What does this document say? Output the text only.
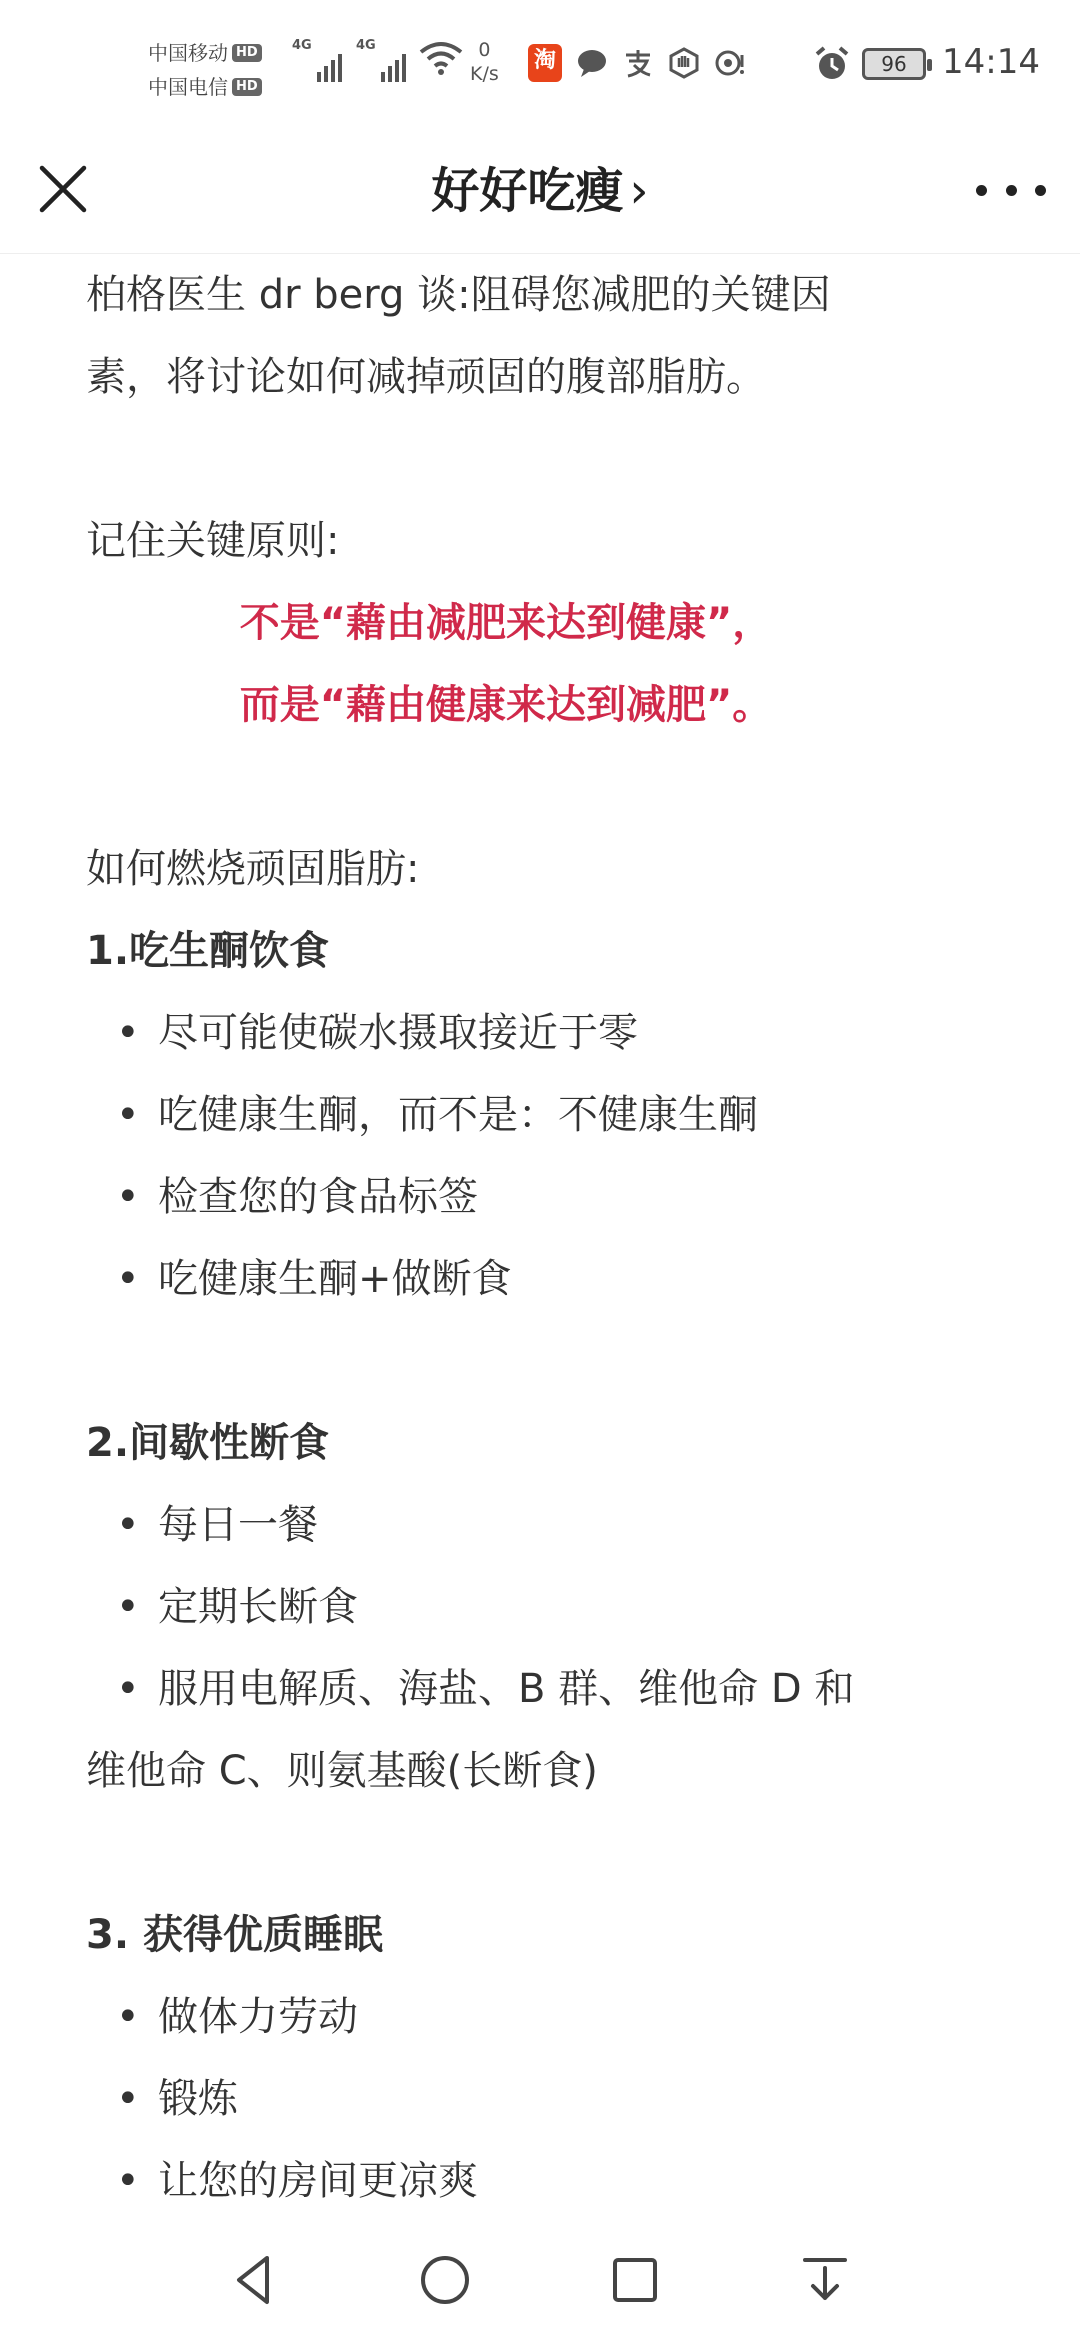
中国移动 HD
中国电信 HD
4G	4G	0
K/s
淘	96	14:14
好好吃瘦 ›
柏格医生 dr berg 谈:阻碍您减肥的关键因
素，将讨论如何减掉顽固的腹部脂肪。
记住关键原则:
不是“藉由减肥来达到健康”，
而是“藉由健康来达到减肥”。
如何燃烧顽固脂肪:
1.吃生酮饮食
• 尽可能使碳水摄取接近于零
• 吃健康生酮，而不是：不健康生酮
• 检查您的食品标签
• 吃健康生酮+做断食
2.间歇性断食
• 每日一餐
• 定期长断食
• 服用电解质、海盐、B 群、维他命 D 和
维他命 C、则氨基酸(长断食)
3. 获得优质睡眠
• 做体力劳动
• 锻炼
• 让您的房间更凉爽
